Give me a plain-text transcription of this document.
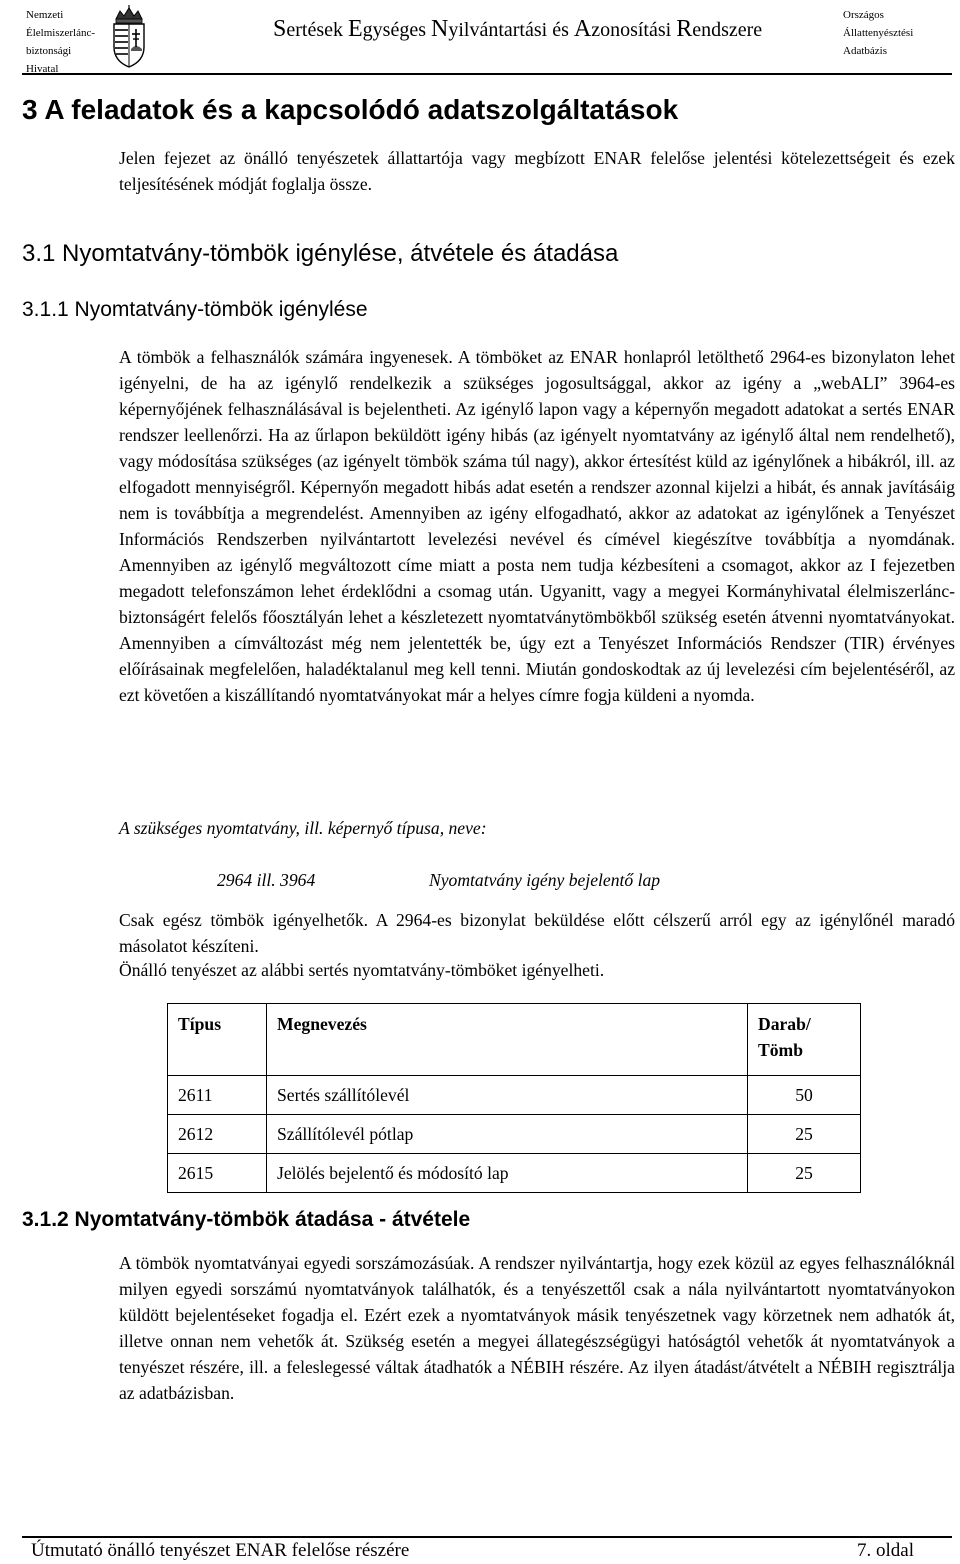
Nemzeti
Élelmiszerlánc-
biztonsági
Hivatal
Sertések Egységes Nyilvántartási és Azonosítási Rendszere
Országos
Állattenyésztési
Adatbázis
3 A feladatok és a kapcsolódó adatszolgáltatások
Jelen fejezet az önálló tenyészetek állattartója vagy megbízott ENAR felelőse jelentési kötelezettségeit és ezek teljesítésének módját foglalja össze.
3.1 Nyomtatvány-tömbök igénylése, átvétele és átadása
3.1.1 Nyomtatvány-tömbök igénylése
A tömbök a felhasználók számára ingyenesek. A tömböket az ENAR honlapról letölthető 2964-es bizonylaton lehet igényelni, de ha az igénylő rendelkezik a szükséges jogosultsággal, akkor az igény a „webALI” 3964-es képernyőjének felhasználásával is bejelentheti. Az igénylő lapon vagy a képernyőn megadott adatokat a sertés ENAR rendszer leellenőrzi. Ha az űrlapon beküldött igény hibás (az igényelt nyomtatvány az igénylő által nem rendelhető), vagy módosítása szükséges (az igényelt tömbök száma túl nagy), akkor értesítést küld az igénylőnek a hibákról, ill. az elfogadott mennyiségről. Képernyőn megadott hibás adat esetén a rendszer azonnal kijelzi a hibát, és annak javításáig nem is továbbítja a megrendelést. Amennyiben az igény elfogadható, akkor az adatokat az igénylőnek a Tenyészet Információs Rendszerben nyilvántartott levelezési nevével és címével kiegészítve továbbítja a nyomdának. Amennyiben az igénylő megváltozott címe miatt a posta nem tudja kézbesíteni a csomagot, akkor az I fejezetben megadott telefonszámon lehet érdeklődni a csomag után. Ugyanitt, vagy a megyei Kormányhivatal élelmiszerlánc-biztonságért felelős főosztályán lehet a készletezett nyomtatványtömbökből szükség esetén átvenni nyomtatványokat. Amennyiben a címváltozást még nem jelentették be, úgy ezt a Tenyészet Információs Rendszer (TIR) érvényes előírásainak megfelelően, haladéktalanul meg kell tenni. Miután gondoskodtak az új levelezési cím bejelentéséről, az ezt követően a kiszállítandó nyomtatványokat már a helyes címre fogja küldeni a nyomda.
A szükséges nyomtatvány, ill. képernyő típusa, neve:
2964 ill. 3964	Nyomtatvány igény bejelentő lap
Csak egész tömbök igényelhetők. A 2964-es bizonylat beküldése előtt célszerű arról egy az igénylőnél maradó másolatot készíteni.
Önálló tenyészet az alábbi sertés nyomtatvány-tömböket igényelheti.
Típus	Megnevezés	Darab/ Tömb
2611	Sertés szállítólevél	50
2612	Szállítólevél pótlap	25
2615	Jelölés bejelentő és módosító lap	25
3.1.2 Nyomtatvány-tömbök átadása - átvétele
A tömbök nyomtatványai egyedi sorszámozásúak. A rendszer nyilvántartja, hogy ezek közül az egyes felhasználóknál milyen egyedi sorszámú nyomtatványok találhatók, és a tenyészettől csak a nála nyilvántartott nyomtatványokon küldött bejelentéseket fogadja el. Ezért ezek a nyomtatványok másik tenyészetnek vagy körzetnek nem adhatók át, illetve onnan nem vehetők át. Szükség esetén a megyei állategészségügyi hatóságtól vehetők át nyomtatványok a tenyészet részére, ill. a feleslegessé váltak átadhatók a NÉBIH részére. Az ilyen átadást/átvételt a NÉBIH regisztrálja az adatbázisban.
Útmutató önálló tenyészet ENAR felelőse részére	7. oldal
